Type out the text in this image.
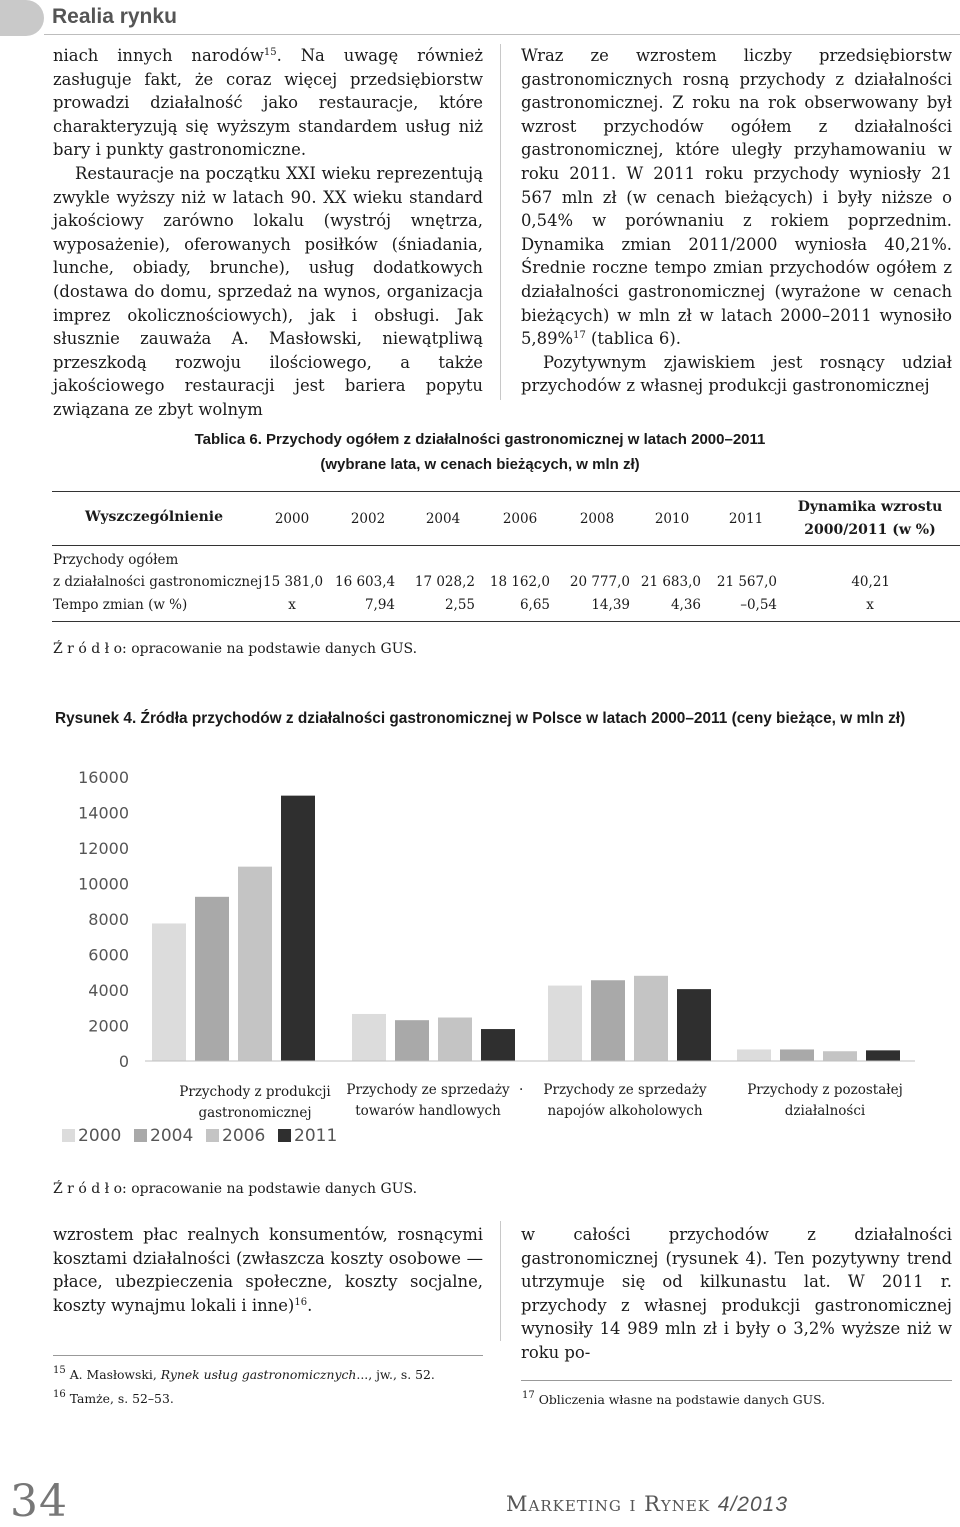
Realia rynku

niach innych narodów$^{15}$. Na uwagę również zasługuje fakt, że coraz więcej przedsiębiorstw prowadzi działalność jako restauracje, które charakteryzują się wyższym standardem usług niż bary i punkty gastronomiczne.

Restauracje na początku XXI wieku reprezentują zwykle wyższy niż w latach 90. XX wieku standard jakościowy zarówno lokalu (wystrój wnętrza, wyposażenie), oferowanych posiłków (śniadania, lunche, obiady, brunche), usług dodatkowych (dostawa do domu, sprzedaż na wynos, organizacja imprez okolicznościowych), jak i obsługi. Jak słusznie zauważa A. Masłowski, niewątpliwą przeszkodą rozwoju ilościowego, a także jakościowego restauracji jest bariera popytu związana ze zbyt wolnym

Wraz ze wzrostem liczby przedsiębiorstw gastronomicznych rosną przychody z działalności gastronomicznej. Z roku na rok obserwowany był wzrost przychodów ogółem z działalności gastronomicznej, które uległy przyhamowaniu w roku 2011. W 2011 roku przychody wyniosły 21 567 mln zł (w cenach bieżących) i były niższe o 0,54% w porównaniu z rokiem poprzednim. Dynamika zmian 2011/2000 wyniosła 40,21%. Średnie roczne tempo zmian przychodów ogółem z działalności gastronomicznej (wyrażone w cenach bieżących) w mln zł w latach 2000–2011 wynosiło 5,89%$^{17}$ (tablica 6).

Pozytywnym zjawiskiem jest rosnący udział przychodów z własnej produkcji gastronomicznej

Tablica 6. Przychody ogółem z działalności gastronomicznej w latach 2000–2011
(wybrane lata, w cenach bieżących, w mln zł)
Wyszczególnienie	2000	2002	2004	2006	2008	2010	2011
Dynamika wzrostu
2000/2011 (w %)
Przychody ogółem
z działalności gastronomicznej 15 381,0 16 603,4	17 028,2	18 162,0	20 777,0 21 683,0	21 567,0	40,21
Tempo zmian (w %)	x	7,94	2,55	6,65	14,39	4,36	–0,54	x
Ź r ó d ł o: opracowanie na podstawie danych GUS.
Rysunek 4. Źródła przychodów z działalności gastronomicznej w Polsce w latach 2000–2011 (ceny bieżące, w mln zł)
0
2000
4000
6000
8000
10000
12000
14000
16000
2000 2004 2006 2011
Przychody z produkcji
gastronomicznej
Przychody ze sprzedaży
towarów handlowych
.	Przychody ze sprzedaży
napojów alkoholowych
Przychody z pozostałej
działalności
Ź r ó d ł o: opracowanie na podstawie danych GUS.

wzrostem płac realnych konsumentów, rosnącymi kosztami działalności (zwłaszcza koszty osobowe — płace, ubezpieczenia społeczne, koszty socjalne, koszty wynajmu lokali i inne)$^{16}$.

w całości przychodów z działalności gastronomicznej (rysunek 4). Ten pozytywny trend utrzymuje się od kilkunastu lat. W 2011 r. przychody z własnej produkcji gastronomicznej wynosiły 14 989 mln zł i były o 3,2% wyższe niż w roku po-

$^{15}$ A. Masłowski, Rynek usług gastronomicznych..., jw., s. 52.
$^{16}$ Tamże, s. 52–53.	$^{17}$ Obliczenia własne na podstawie danych GUS.
34	Marketing i Rynek 4/2013
